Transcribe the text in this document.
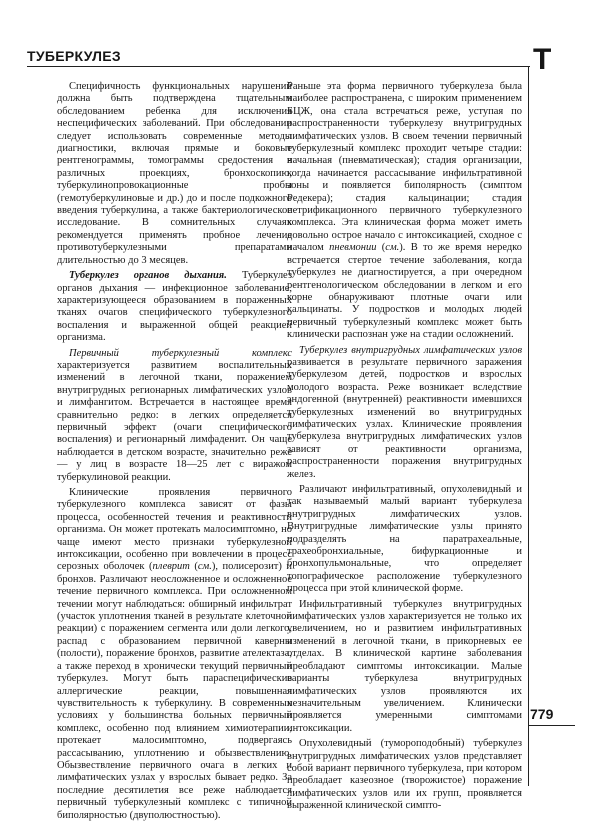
ТУБЕРКУЛЕЗ	Т

Специфичность функциональных нарушений должна быть подтверждена тщательным обследованием ребенка для исключения неспецифических заболеваний. При обследовании следует использовать современные методы диагностики, включая прямые и боковые рентгенограммы, томограммы средостения в различных проекциях, бронхоскопию, туберкулинопровокационные пробы (гемотуберкулиновые и др.) до и после подкожного введения туберкулина, а также бактериологическое исследование. В сомнительных случаях рекомендуется применять пробное лечение противотуберкулезными препаратами длительностью до 3 месяцев.

Туберкулез органов дыхания. Туберкулез органов дыхания — инфекционное заболевание, характеризующееся образованием в пораженных тканях очагов специфического туберкулезного воспаления и выраженной общей реакцией организма.

Первичный туберкулезный комплекс характеризуется развитием воспалительных изменений в легочной ткани, поражением внутригрудных регионарных лимфатических узлов и лимфангитом. Встречается в настоящее время сравнительно редко: в легких определяется первичный эффект (очаги специфического воспаления) и регионарный лимфаденит. Он чаще наблюдается в детском возрасте, значительно реже — у лиц в возрасте 18—25 лет с виражом туберкулиновой реакции.

Клинические проявления первичного туберкулезного комплекса зависят от фазы процесса, особенностей течения и реактивности организма. Он может протекать малосимптомно, но чаще имеют место признаки туберкулезной интоксикации, особенно при вовлечении в процесс серозных оболочек (плеврит (см.), полисерозит) и бронхов. Различают неосложненное и осложненное течение первичного комплекса. При осложненном течении могут наблюдаться: обширный инфильтрат (участок уплотнения тканей в результате клеточной реакции) с поражением сегмента или доли легкого, распад с образованием первичной каверны (полости), поражение бронхов, развитие ателектаза, а также переход в хронически текущий первичный туберкулез. Могут быть параспецифические аллергические реакции, повышенная чувствительность к туберкулину. В современных условиях у большинства больных первичный комплекс, особенно под влиянием химиотерапии, протекает малосимптомно, подвергаясь рассасыванию, уплотнению и обызвествлению. Обызвествление первичного очага в легких и лимфатических узлах у взрослых бывает редко. За последние десятилетия все реже наблюдается первичный туберкулезный комплекс с типичной биполярностью (двуполюстностью).

Раньше эта форма первичного туберкулеза была наиболее распространена, с широким применением БЦЖ, она стала встречаться реже, уступая по распространенности туберкулезу внутригрудных лимфатических узлов. В своем течении первичный туберкулезный комплекс проходит четыре стадии: начальная (пневматическая); стадия организации, когда начинается рассасывание инфильтративной зоны и появляется биполярность (симптом Редекера); стадия кальцинации; стадия петрификационного первичного туберкулезного комплекса. Эта клиническая форма может иметь довольно острое начало с интоксикацией, сходное с началом пневмонии (см.). В то же время нередко встречается стертое течение заболевания, когда туберкулез не диагностируется, а при очередном рентгенологическом обследовании в легком и его корне обнаруживают плотные очаги или кальцинаты. У подростков и молодых людей первичный туберкулезный комплекс может быть клинически распознан уже на стадии осложнений.

Туберкулез внутригрудных лимфатических узлов развивается в результате первичного заражения туберкулезом детей, подростков и взрослых молодого возраста. Реже возникает вследствие эндогенной (внутренней) реактивности имевшихся туберкулезных изменений во внутригрудных лимфатических узлах. Клинические проявления туберкулеза внутригрудных лимфатических узлов зависят от реактивности организма, распространенности поражения внутригрудных желез.

Различают инфильтративный, опухолевидный и так называемый малый вариант туберкулеза внутригрудных лимфатических узлов. Внутригрудные лимфатические узлы принято подразделять на паратрахеальные, трахеобронхиальные, бифуркационные и бронхопульмональные, что определяет топографическое расположение туберкулезного процесса при этой клинической форме.

Инфильтративный туберкулез внутригрудных лимфатических узлов характеризуется не только их увеличением, но и развитием инфильтративных изменений в легочной ткани, в прикорневых ее отделах. В клинической картине заболевания преобладают симптомы интоксикации. Малые варианты туберкулеза внутригрудных лимфатических узлов проявляются их незначительным увеличением. Клинически проявляется умеренными симптомами интоксикации.

Опухолевидный (тумороподобный) туберкулез внутригрудных лимфатических узлов представляет собой вариант первичного туберкулеза, при котором преобладает казеозное (творожистое) поражение лимфатических узлов или их групп, проявляется выраженной клинической симпто-

779
